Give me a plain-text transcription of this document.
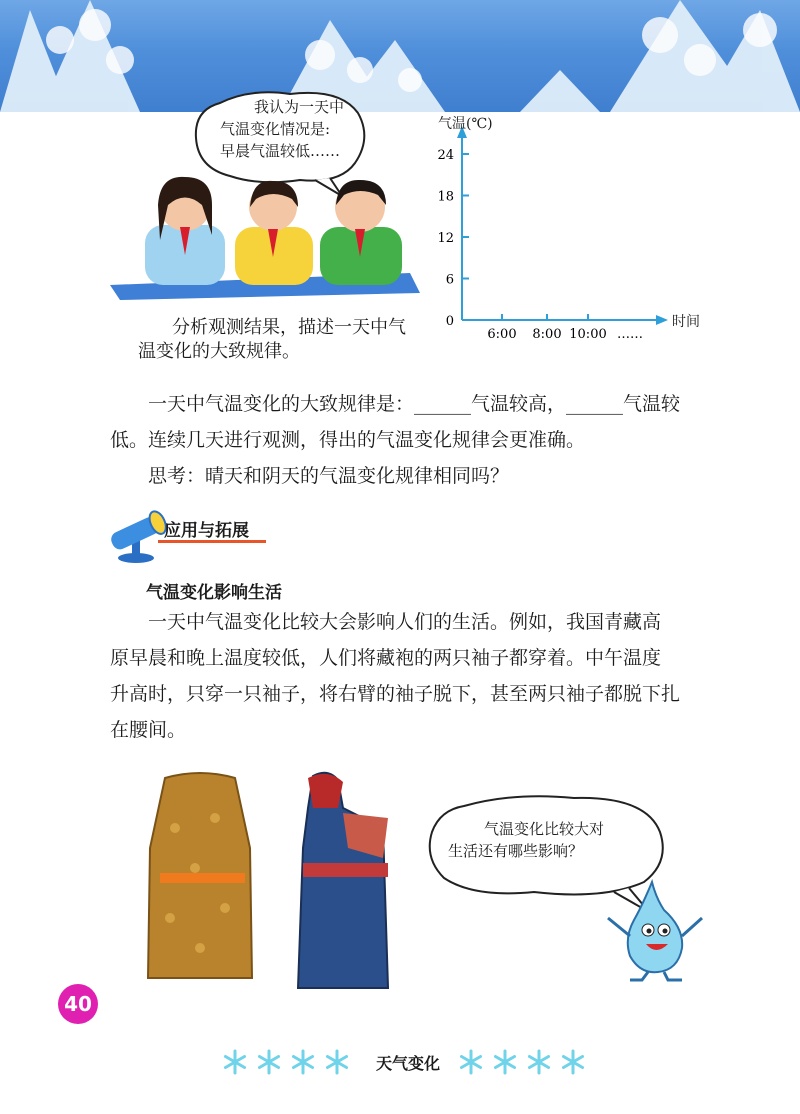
我认为一天中
气温变化情况是:
早晨气温较低……
分析观测结果，描述一天中气
温变化的大致规律。
气温(℃)
时间
0
6
12
18
24
6:00 8:00 10:00 ……
一天中气温变化的大致规律是：______气温较高，______气温较
低。连续几天进行观测，得出的气温变化规律会更准确。
思考：晴天和阴天的气温变化规律相同吗？
应用与拓展
气温变化影响生活
一天中气温变化比较大会影响人们的生活。例如，我国青藏高
原早晨和晚上温度较低，人们将藏袍的两只袖子都穿着。中午温度
升高时，只穿一只袖子，将右臂的袖子脱下，甚至两只袖子都脱下扎
在腰间。
气温变化比较大对
生活还有哪些影响？
40
天气变化
